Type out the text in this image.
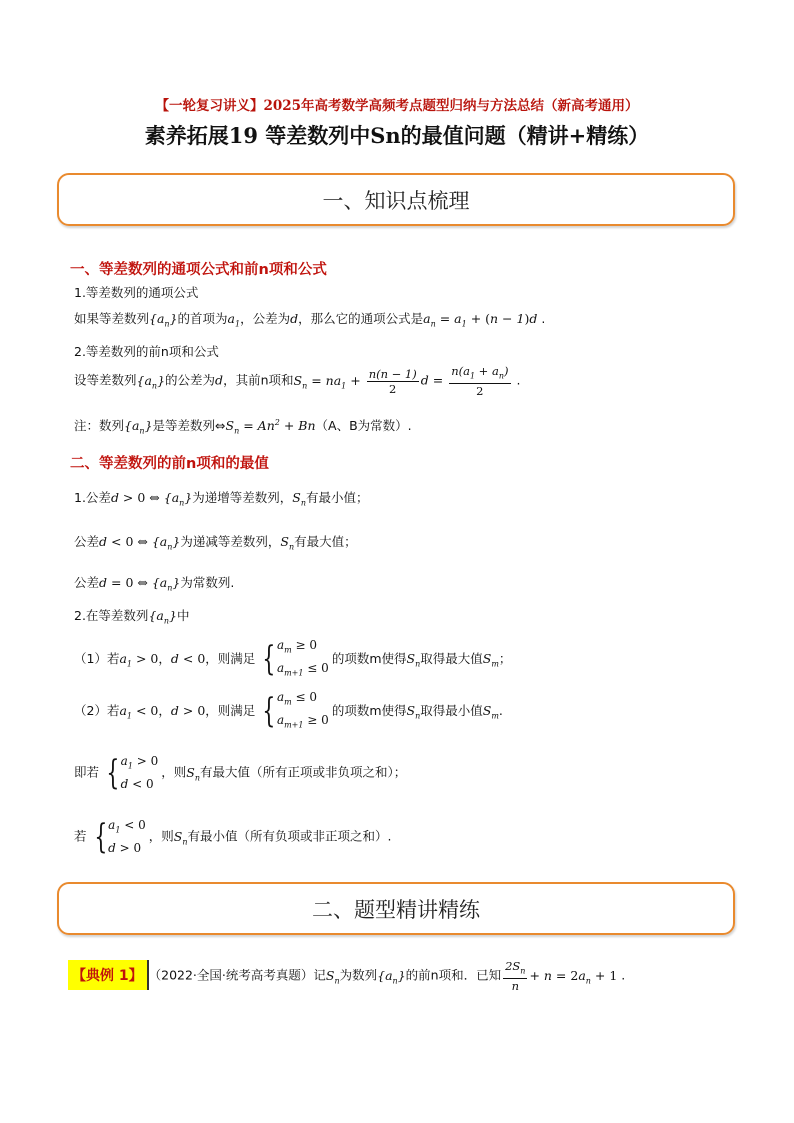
【一轮复习讲义】2025年高考数学高频考点题型归纳与方法总结（新高考通用）
素养拓展19 等差数列中Sn的最值问题（精讲+精练）
一、知识点梳理
一、等差数列的通项公式和前n项和公式
1.等差数列的通项公式
如果等差数列$\{a_n\}$的首项为$a_1$，公差为d，那么它的通项公式是$a_n = a_1 + (n - 1)d$ .
2.等差数列的前n项和公式
设等差数列$\{a_n\}$的公差为d，其前n项和$S_n = na_1 + \frac{n(n - 1)}{2}$ $d = \frac{n(a_1 + a_n)}{2}$ .
注：数列$\{a_n\}$是等差数列$\Leftrightarrow S_n = An^2 + Bn(A$、B为常数）.
二、等差数列的前n项和的最值
1.公差d > 0 ⇔ $\{a_n\}$为递增等差数列，$S_n$有最小值；
公差d < 0 ⇔ $\{a_n\}$为递减等差数列，$S_n$有最大值；
公差d = 0 ⇔ $\{a_n\}$为常数列.
2.在等差数列$\{a_n\}$中
（1）若$a_1 > 0$，d < 0，则满足 { $a_m \ge 0$
$a_{m+1} \le 0$
的项数m使得$S_n$取得最大值$S_m$；
（2）若$a_1 < 0$，d > 0，则满足 { $a_m \le 0$
$a_{m+1} \ge 0$
的项数m使得$S_n$取得最小值$S_m$.
即若 { $a_1 > 0$
d < 0
，则$S_n$有最大值（所有正项或非负项之和）；
若 { $a_1 < 0$
d > 0
，则$S_n$有最小值（所有负项或非正项之和）.
二、题型精讲精练
【典例 1】 （2022·全国·统考高考真题）记$S_n$为数列$\{a_n\}$的前n项和．已知 $\frac{2S_n}{n} + n = 2a_n + 1$ .
